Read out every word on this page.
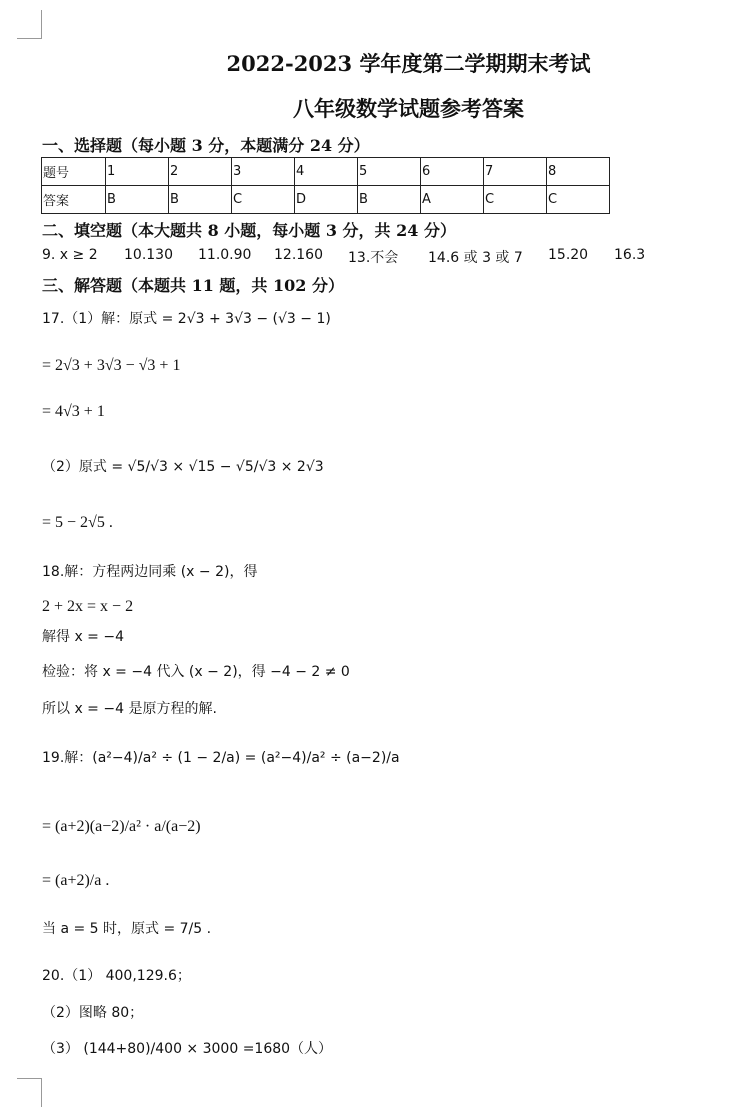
2022-2023 学年度第二学期期末考试
八年级数学试题参考答案
一、选择题（每小题 3 分，本题满分 24 分）
题号	1	2	3	4	5	6	7	8
答案	B	B	C	D	B	A	C	C
二、填空题（本大题共 8 小题，每小题 3 分，共 24 分）
9. x ≥ 2 10.130 11.0.90 12.160 13.不会 14.6 或 3 或 7 15.20 16.3
三、解答题（本题共 11 题，共 102 分）
17.（1）解：原式 = 2√3 + 3√3 − (√3 − 1)
= 2√3 + 3√3 − √3 + 1
= 4√3 + 1
（2）原式 = √5/√3 × √15 − √5/√3 × 2√3
= 5 − 2√5 .
18.解：方程两边同乘 (x − 2)，得
2 + 2x = x − 2
解得 x = −4
检验：将 x = −4 代入 (x − 2)，得 −4 − 2 ≠ 0
所以 x = −4 是原方程的解.
19.解：(a²−4)/a² ÷ (1 − 2/a) = (a²−4)/a² ÷ (a−2)/a
= (a+2)(a−2)/a² · a/(a−2)
= (a+2)/a .
当 a = 5 时，原式 = 7/5 .
20.（1） 400,129.6；
（2）图略 80；
（3） (144+80)/400 × 3000 =1680（人）
